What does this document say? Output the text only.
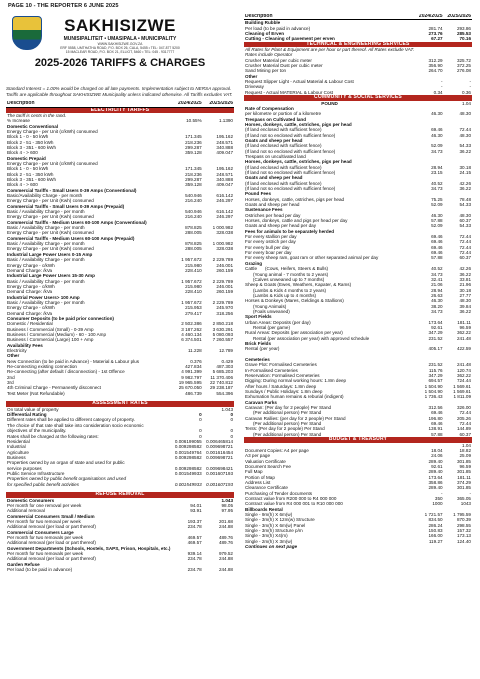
PAGE 10 - THE REPORTER 6 JUNE 2025
SAKHISIZWE
MUNISIPALITEIT • UMASIPALA • MUNICIPALITY
WWW.SAKHISIZWE.GOV.ZA
ERF 5558, UMTHATHA ROAD, P.O. BOX 26, CALA, 5455 • TEL: 047-877 5200
15 MACLEAR ROAD, P.O. BOX 21, ELLIOT, 5460 • TEL: 045 - 9317777
2025-2026 TARIFFS & CHARGES
Standard Interest = 1.00% would be charged on all late payments. Implementation subject to NERSA approval. Tariffs are applicable throughout SAKHISIZWE Municipality unless indicated otherwise. All Tariffs excludes VAT.
Description	2024/2025	2025/2026
ELECTRICITY TARIFFS		
The tariff is cents in the rand.		
% Increase	10.55%	1.1390
Domestic Conventional		
Energy Charge - per Unit (c/kWh) consumed		
Block 1 - 0 - 50 kWh	171.345	195.162
Block 2 - 51 - 350 kWh	218.236	248.571
Block 3 - 351 - 600 kWh	299.287	340.888
Block 4 - > 600	359.128	409.047
Domestic Prepaid		
Energy Charge - per Unit (c/kWh) consumed		
Block 1 - 0 - 50 kWh	171.345	195.162
Block 2 - 51 - 350 kWh	218.236	248.571
Block 3 - 351 - 600 kWh	299.287	340.888
Block 4 - > 600	359.128	409.047
Commercial Tariffs - Small Users 0-39 Amps (Conventional)		
Basic/Availability Charge - per month	540.946	616.142
Energy Charge - per Unit (Kwh) consumed	216.240	246.297
Commercial Tariffs - Small Users 0-39 Amps (Prepaid)		
Basic / Availability Charge - per month	540.946	616.142
Energy Charge - per Unit (Kwh) consumed	216.240	246.297
Commercial Tariffs - Medium Users 60-100 Amps (Conventional)		
Basic / Availability Charge - per month	878.825	1 000.982
Energy Charge - per Unit (Kwh) consumed	288.005	328.038
Commercial Tariffs - Medium Users 60-100 Amps (Prepaid)		
Basic / Availability Charge - per month	878.825	1 000.982
Energy Charge - per Unit (Kwh) consumed	288.005	328.038
Industrial Large Power Users 0-15 Amp		
Basic / Availability Charge - per month	1 957.672	2 229.789
Energy Charge - c/kWh	215.980	246.001
Demand Charge: /kVa	228.410	260.159
Industrial Large Power Users 15-30 Amp		
Basic / Availability Charge - per month	1 957.672	2 229.789
Energy Charge - c/kWh	215.980	246.001
Demand Charge: /kVa	228.410	260.159
Industrial Power Users> 100 Amp		
Basic / Availability Charge - per month	1 957.672	2 229.789
Energy Charge - c/kWh	215.953	245.970
Demand Charge: /kVa	279.417	318.256
Consumer Deposits (to be paid prior connection)		
Domestic / Residential	2 502.386	2 850.218
Business / Commercial (Small) - 0-39 Amp	3 187.262	3 630.291
Business / Commercial (Medium) - 60 - 100 Amp	4 460.134	5 080.093
Business / Commercial (Large) 100 + Amp	6 374.501	7 260.557
Availability Fees		
Electricity	11.228	12.789
Other		
New Connection (to be paid in Advance) - Material & Labour plus	0.376	0.429
Re-connecting existing connection	427.834	487.303
Re-connecting (after default / disconnection) - 1st Offence	4 991.399	5 685.203
2nd	9 982.797	11 370.406
3rd	19 965.595	22 740.812
4th Criminal Charge - Permanently disconnect	25 670.050	29 238.187
Test Meter (Not Refundable)	486.739	554.396

ASSESSMENT RATES		
On total value of property		1.043
Differential Rating	0	0
Different rates shall be applied to different category of property.	0	0
The choice of that rate shall take into consideration socio economic		
objectives of the municipality.	0	0
Rates shall be charged at the following rates:	0	0
Residential	0.006199055	0.006465814
Industrial	0.009298582	0.009698721
Agriculture	0.001549764	0.001616454
Business	0.009298582	0.009698721
Properties owned by an organ of state and used for public		
service purposes	0.009298582	0.009698421
Public Service Infrastructure	0.001549933	0.001607193
Properties owned by public benefit organisations and used		
for specified public benefit activities	0.001549933	0.001607193

REFUSE REMOVAL		
Domestic Consumers		1.043
Per month for one removal per week	94.01	98.05
Additional removal	93.91	97.95
Commercial Consumers Small / Medium		
Per month for two removal per week	193.37	201.68
Additional removal (per load or part thereof)	234.78	244.88
Commercial Consumers Large		
Per month for two removals per week	469.57	489.76
Additional removal (per load or part thereof)	469.57	489.76
Government Departments (Schools, Hostels, SAPS, Prison, Hospitals, etc.)		
Per month for two removals per week	939.14	979.52
Additional removal (per load or part thereof)	234.78	244.88
Garden Refuse		
Per load (to be paid in advance)	234.78	244.88
Description	2024/2025	2025/2026
Building Rubble		
Per load (to be paid in advance)	281.74	293.86
Cleaning of Erven	273.76	285.53
Cutting - Cleaning of pavement per erven	67.27	70.16
TECHNICAL & ENGINEERING SERVICES		
All Rates for Plant & Equipment are per hour or part thereof. All Rates exclude VAT.		
Rates include Operator		
Crusher Material per cubic meter	312.29	325.72
Crusher Material Dust per cubic meter	356.90	372.25
Sand Mining per ton	264.70	276.08
Other		
Request Slipper Light - Actual Material & Labour Cost	-	-
Driveway	-	-
Request - Actual MATERIAL & Labour Cost	0.34	0.36
COMMUNITY & SOCIAL SERVICES		
POUND		1.04
Rate of Compensation		
per kilometre or portion of a kilometre	46.30	48.30
Trespass on Cultivated land		
Horses, donkeys, cattle, ostriches, pigs per head		
(If land enclosed with sufficient fence)	69.46	72.44
(If land not so enclosed with sufficient fence)	46.30	48.30
Goats and sheep per head		
(If land enclosed with sufficient fence)	52.09	54.33
(If land not so enclosed with sufficient fence)	34.73	36.22
Trespass on uncultivated land		
Horses, donkeys, cattle, ostriches, pigs per head		
(If land enclosed with sufficient fence)	28.94	30.18
(If land not so enclosed with sufficient fence)	23.15	24.15
Goats and sheep per head		
(If land enclosed with sufficient fence)	40.52	42.26
(If land not so enclosed with sufficient fence)	34.73	36.22
Pound Fees		
Horses, donkeys, cattle, ostriches, pigs per head	75.25	78.48
Goats and sheep per head	52.09	54.33
Sustenance Fees		
Ostriches per head per day	46.30	48.30
Horses, donkeys, cattle and pigs per head per day	57.88	60.37
Goats and sheep per head per day	52.09	54.33
Fees for animals to be separately herded		
For every stallion per day	69.46	72.44
For every ostrich per day	69.46	72.44
For every bull per day	69.46	72.44
For every boar per day	69.46	72.44
For every sheep ram, goat ram or other separated animal per day	57.88	60.37
Grazing		
Cattle (Cows, Heifers, Steers & Bulls)	40.52	42.26
(Young animal - 7 months to 2 years)	34.73	36.22
(Calves unweaned up to 7 months)	32.41	33.81
Sheep & Goats (Ewes, Weathers, Kapater, & Rams)	21.06	21.96
(Lambs & Kids 4 months to 2 years)	28.94	30.18
(Lambs & Kids up to 4 months)	26.63	27.77
Horses & Donkeys (Mares, Geldings & Stallions)	46.30	48.30
(Young Animals)	38.20	39.84
(Foals unweaned)	34.73	36.22
Sport Fields		
Urban Areas: Deposits (per day)	173.64	181.11
Rental (per game)	92.61	96.59
Rural Areas: Deposits (per association per year)	347.29	362.22
Rental (per association per year) with approved schedule	231.52	241.48
Brick Fields		
Rental (per year)	405.17	422.59

Cemeteries		
Grave Plot: Formalised Cemeteries	231.52	241.48
In-Formalised Cemeteries	115.76	120.74
Reservation: Formalised Cemeteries	347.29	362.22
Digging: During normal working hours: 1.8m deep	694.57	724.44
After hours / Saturdays: 1.8m deep	1 504.90	1 569.61
Sundays / Public Holidays: 1.8m deep	1 504.90	1 569.61
Exhumation human remains & reburial (indigent)	1 736.43	1 811.09
Caravan Parks		
Caravan: (Per day for 2 people) Per Stand	312.56	326.00
(Per additional person) Per Stand	69.46	72.44
Caravan Rallies: (per day for 2 people) Per Stand	196.80	205.26
(Per additional person) Per Stand	69.46	72.44
Tents: (Per day for 2 people) Per Stand	138.91	144.89
(Per additional person) Per Stand	57.88	60.37
BUDGET & TREASURY		
		1.04
Document Copies: A4 per page	18.04	18.82
A3 per page	24.06	25.09
Valuation Certificate	289.40	301.85
Document Search Fee	92.61	96.59
Full Map	289.40	301.85
Portion of Map	173.64	181.11
Address List	358.86	374.29
Clearance Certificate	289.40	301.85
Purchasing of Tender documents	-	-
Contract value from R200 000 to R4 000 000	350	365.05
Contract value from R4 000 001 to R10 000 000	1000	1043
Billboards Rental		
Single - 9m(h) X 6m(w)	1 721.57	1 795.59
Single - 3m(h) X 12m(w) Structure	834.50	870.39
Single - 3m(h) X 6m(w) Panel	286.24	298.55
Single - 3m(h) Structure p/m	150.83	157.32
Single - 3m(h) X4(m)	166.00	173.13
Single - 2m(h) X 3m(w)	119.27	124.40
Continues on next page		
